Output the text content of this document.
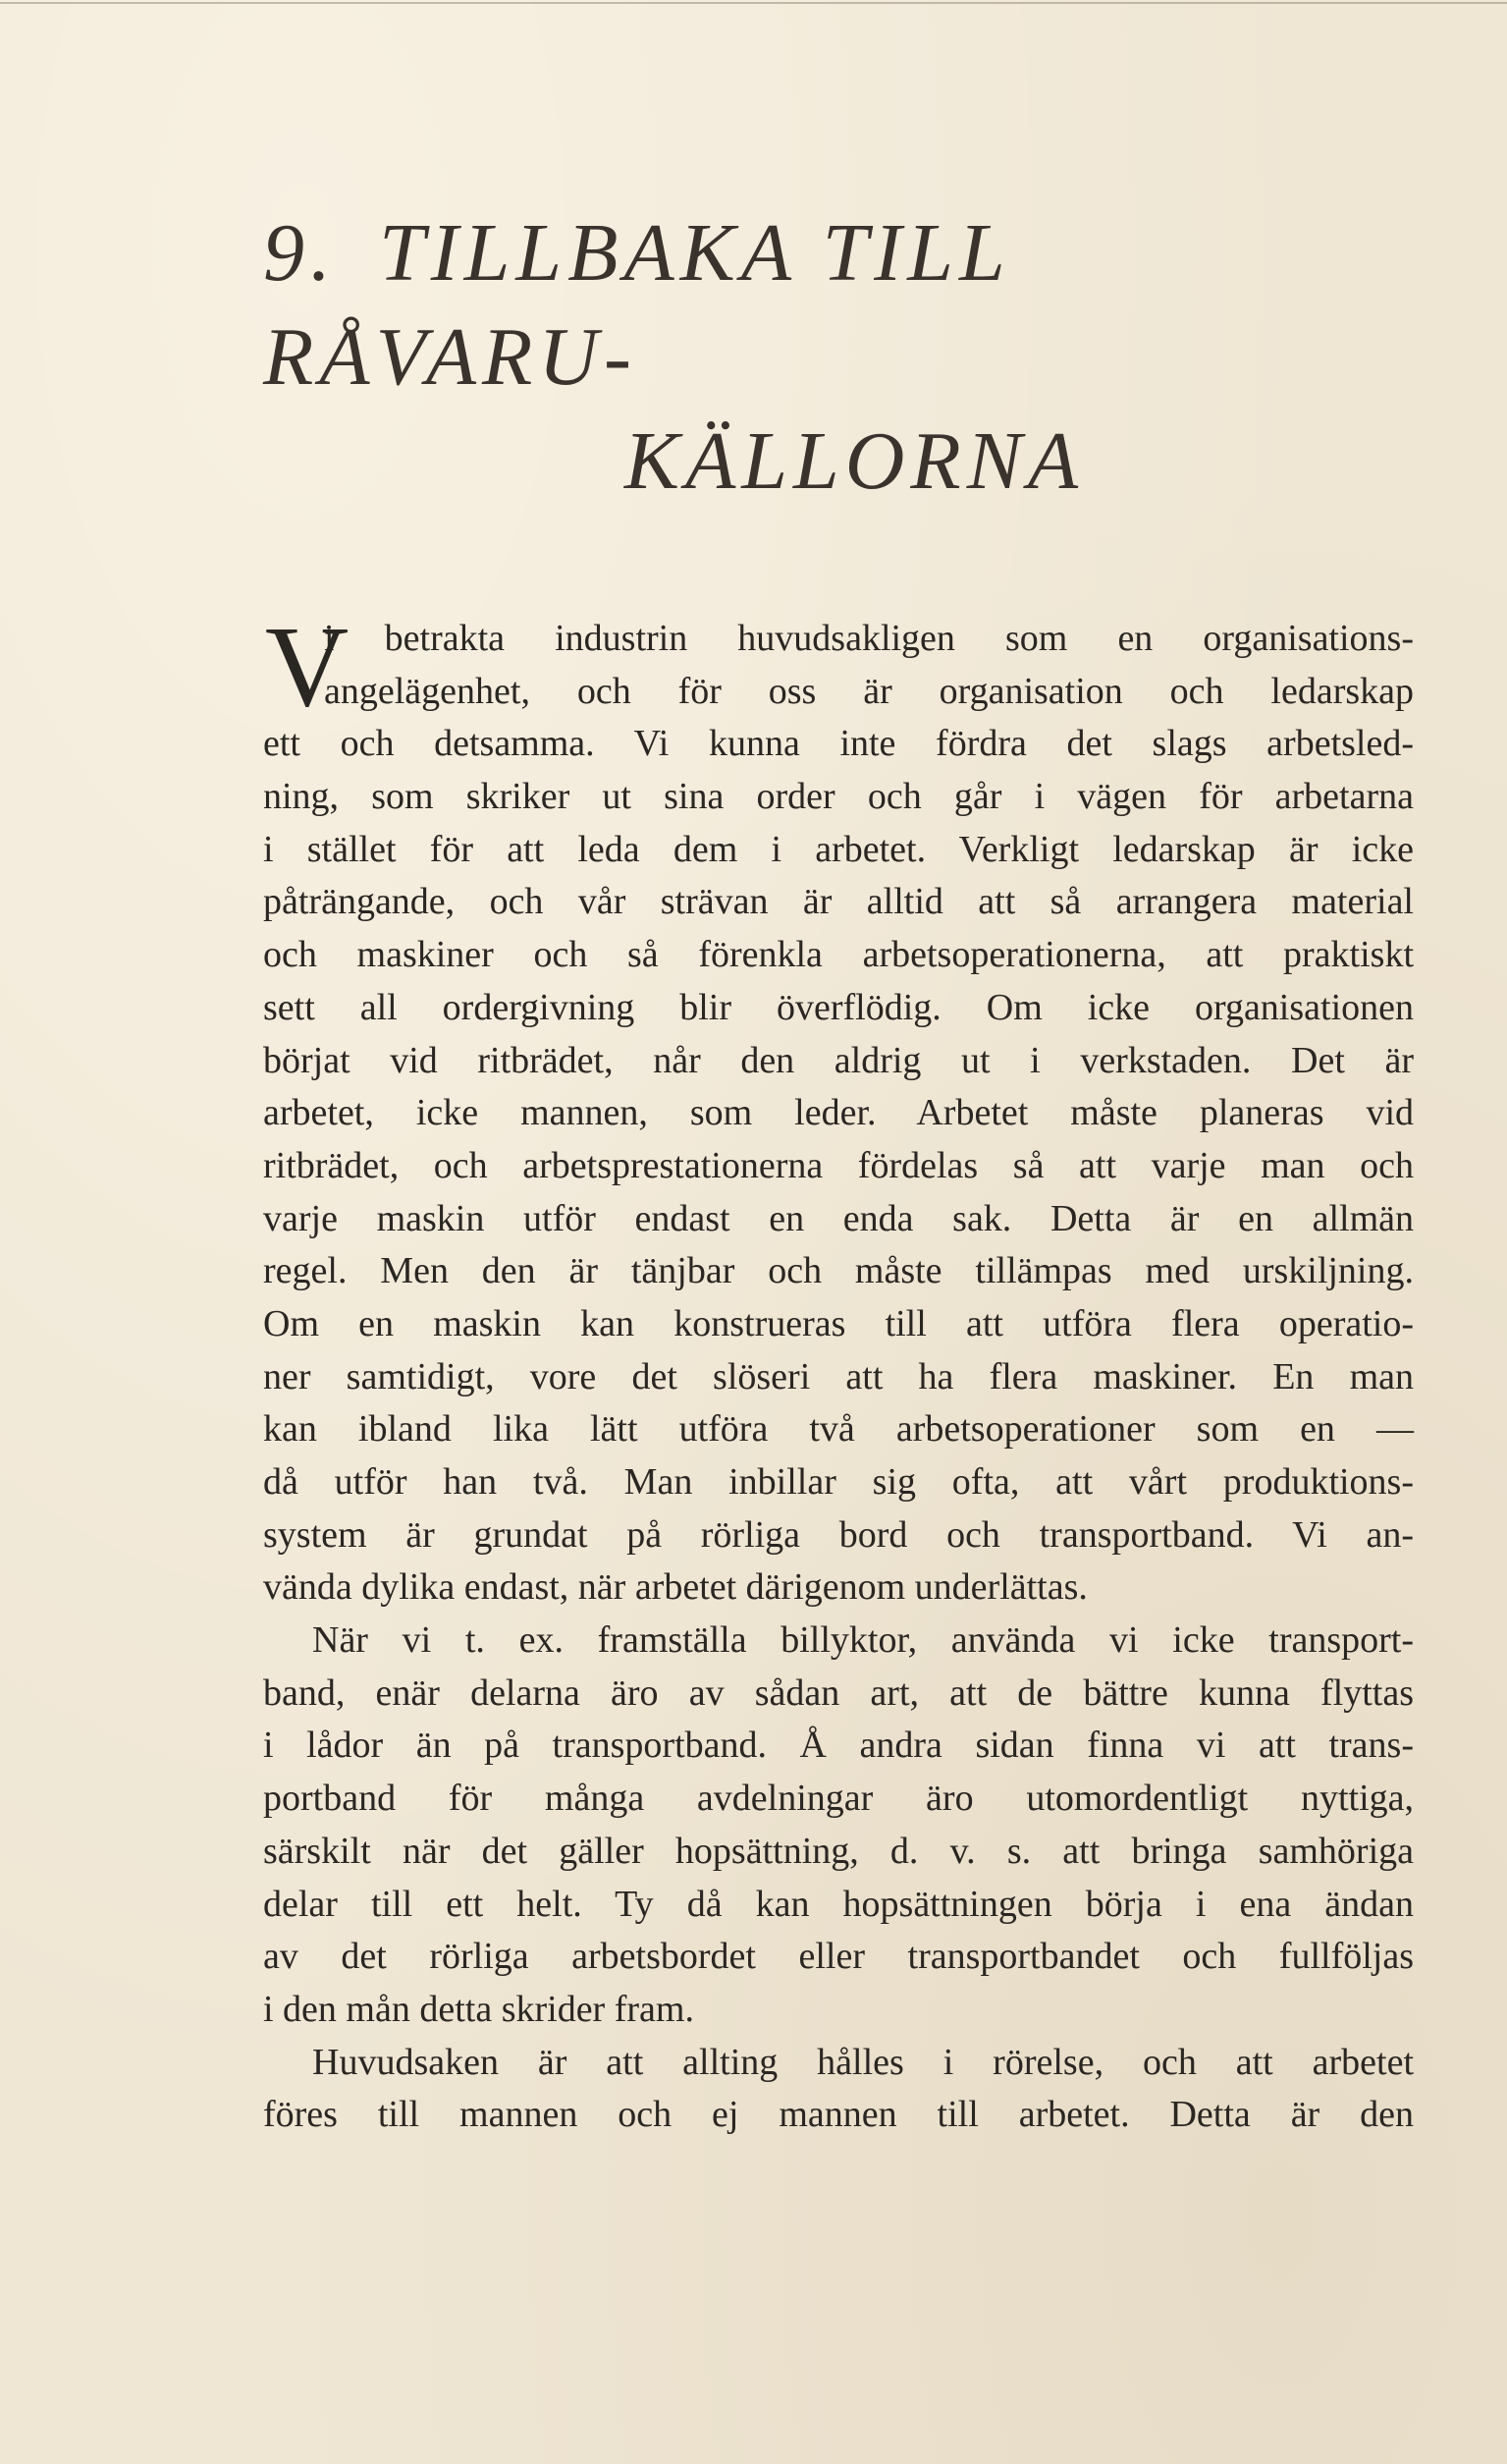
9. TILLBAKA TILL RÅVARU-
KÄLLORNA
V
i betrakta industrin huvudsakligen som en organisations-
angelägenhet, och för oss är organisation och ledarskap
ett och detsamma. Vi kunna inte fördra det slags arbetsled-
ning, som skriker ut sina order och går i vägen för arbetarna
i stället för att leda dem i arbetet. Verkligt ledarskap är icke
påträngande, och vår strävan är alltid att så arrangera material
och maskiner och så förenkla arbetsoperationerna, att praktiskt
sett all ordergivning blir överflödig. Om icke organisationen
börjat vid ritbrädet, når den aldrig ut i verkstaden. Det är
arbetet, icke mannen, som leder. Arbetet måste planeras vid
ritbrädet, och arbetsprestationerna fördelas så att varje man och
varje maskin utför endast en enda sak. Detta är en allmän
regel. Men den är tänjbar och måste tillämpas med urskiljning.
Om en maskin kan konstrueras till att utföra flera operatio-
ner samtidigt, vore det slöseri att ha flera maskiner. En man
kan ibland lika lätt utföra två arbetsoperationer som en —
då utför han två. Man inbillar sig ofta, att vårt produktions-
system är grundat på rörliga bord och transportband. Vi an-
vända dylika endast, när arbetet därigenom underlättas.
När vi t. ex. framställa billyktor, använda vi icke transport-
band, enär delarna äro av sådan art, att de bättre kunna flyttas
i lådor än på transportband. Å andra sidan finna vi att trans-
portband för många avdelningar äro utomordentligt nyttiga,
särskilt när det gäller hopsättning, d. v. s. att bringa samhöriga
delar till ett helt. Ty då kan hopsättningen börja i ena ändan
av det rörliga arbetsbordet eller transportbandet och fullföljas
i den mån detta skrider fram.
Huvudsaken är att allting hålles i rörelse, och att arbetet
föres till mannen och ej mannen till arbetet. Detta är den
